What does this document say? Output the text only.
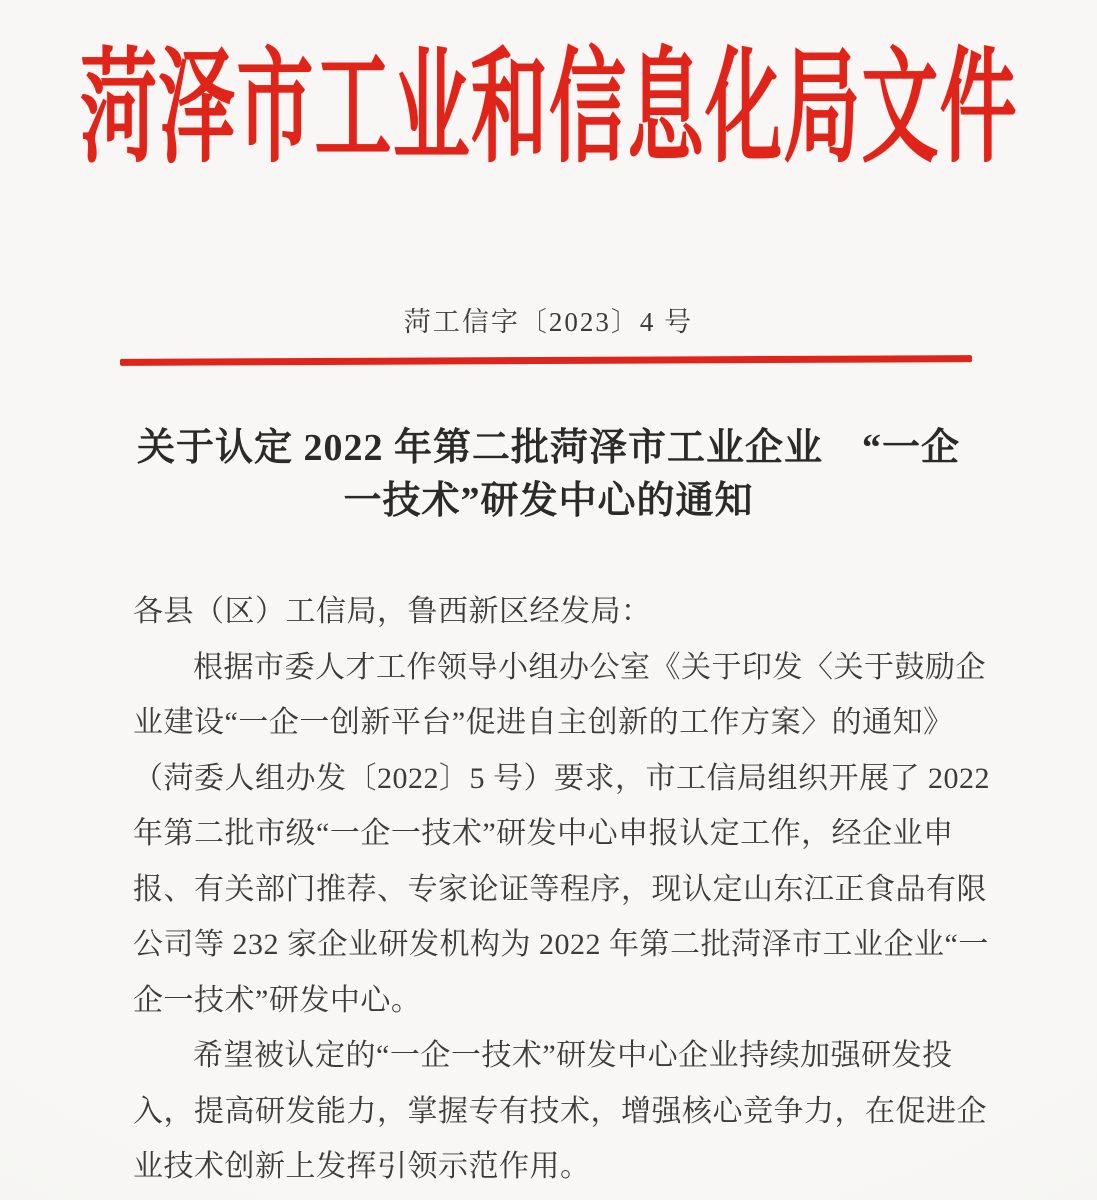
菏泽市工业和信息化局文件
菏工信字〔2023〕4 号
关于认定 2022 年第二批菏泽市工业企业　“一企
一技术”研发中心的通知
各县（区）工信局，鲁西新区经发局：
根据市委人才工作领导小组办公室《关于印发〈关于鼓励企
业建设“一企一创新平台”促进自主创新的工作方案〉的通知》
（菏委人组办发〔2022〕5 号）要求，市工信局组织开展了 2022
年第二批市级“一企一技术”研发中心申报认定工作，经企业申
报、有关部门推荐、专家论证等程序，现认定山东江正食品有限
公司等 232 家企业研发机构为 2022 年第二批菏泽市工业企业“一
企一技术”研发中心。
希望被认定的“一企一技术”研发中心企业持续加强研发投
入，提高研发能力，掌握专有技术，增强核心竞争力，在促进企
业技术创新上发挥引领示范作用。
